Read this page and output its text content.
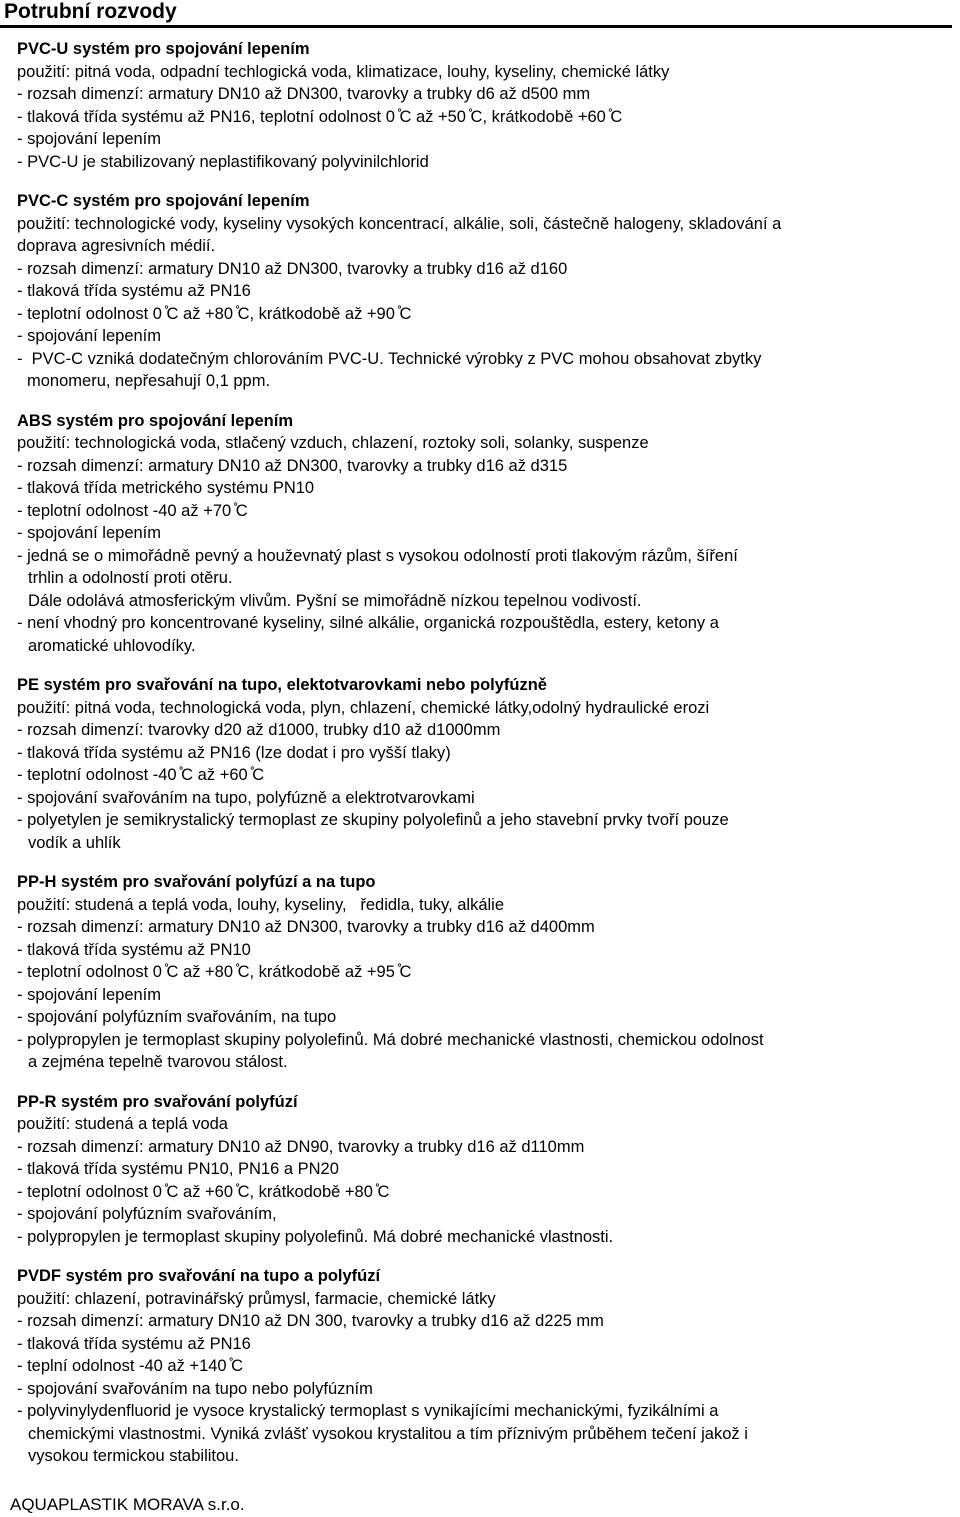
Potrubní rozvody

PVC-U systém pro spojování lepením

použití: pitná voda, odpadní techlogická voda, klimatizace, louhy, kyseliny, chemické látky

- rozsah dimenzí: armatury DN10 až DN300, tvarovky a trubky d6 až d500 mm

- tlaková třída systému až PN16, teplotní odolnost 0 ̊C až +50 ̊C, krátkodobě +60 ̊C

- spojování lepením

- PVC-U je stabilizovaný neplastifikovaný polyvinilchlorid

PVC-C systém pro spojování lepením

použití: technologické vody, kyseliny vysokých koncentrací, alkálie, soli, částečně halogeny, skladování a

doprava agresivních médií.

- rozsah dimenzí: armatury DN10 až DN300, tvarovky a trubky d16 až d160

- tlaková třída systému až PN16

- teplotní odolnost 0 ̊C až +80 ̊C, krátkodobě až +90 ̊C

- spojování lepením

-  PVC-C vzniká dodatečným chlorováním PVC-U. Technické výrobky z PVC mohou obsahovat zbytky

monomeru, nepřesahují 0,1 ppm.

ABS systém pro spojování lepením

použití: technologická voda, stlačený vzduch, chlazení, roztoky soli, solanky, suspenze

- rozsah dimenzí: armatury DN10 až DN300, tvarovky a trubky d16 až d315

- tlaková třída metrického systému PN10

- teplotní odolnost -40 až +70 ̊C

- spojování lepením

- jedná se o mimořádně pevný a houževnatý plast s vysokou odolností proti tlakovým rázům, šíření

trhlin a odolností proti otěru.

Dále odolává atmosferickým vlivům. Pyšní se mimořádně nízkou tepelnou vodivostí.

- není vhodný pro koncentrované kyseliny, silné alkálie, organická rozpouštědla, estery, ketony a

aromatické uhlovodíky.

PE systém pro svařování na tupo, elektotvarovkami nebo polyfúzně

použití: pitná voda, technologická voda, plyn, chlazení, chemické látky,odolný hydraulické erozi

- rozsah dimenzí: tvarovky d20 až d1000, trubky d10 až d1000mm

- tlaková třída systému až PN16 (lze dodat i pro vyšší tlaky)

- teplotní odolnost -40 ̊C až +60 ̊C

- spojování svařováním na tupo, polyfúzně a elektrotvarovkami

- polyetylen je semikrystalický termoplast ze skupiny polyolefinů a jeho stavební prvky tvoří pouze

vodík a uhlík

PP-H systém pro svařování polyfúzí a na tupo

použití: studená a teplá voda, louhy, kyseliny,   ředidla, tuky, alkálie

- rozsah dimenzí: armatury DN10 až DN300, tvarovky a trubky d16 až d400mm

- tlaková třída systému až PN10

- teplotní odolnost 0 ̊C až +80 ̊C, krátkodobě až +95 ̊C

- spojování lepením

- spojování polyfúzním svařováním, na tupo

- polypropylen je termoplast skupiny polyolefinů. Má dobré mechanické vlastnosti, chemickou odolnost

a zejména tepelně tvarovou stálost.

PP-R systém pro svařování polyfúzí

použití: studená a teplá voda

- rozsah dimenzí: armatury DN10 až DN90, tvarovky a trubky d16 až d110mm

- tlaková třída systému PN10, PN16 a PN20

- teplotní odolnost 0 ̊C až +60 ̊C, krátkodobě +80 ̊C

- spojování polyfúzním svařováním,

- polypropylen je termoplast skupiny polyolefinů. Má dobré mechanické vlastnosti.

PVDF systém pro svařování na tupo a polyfúzí

použití: chlazení, potravinářský průmysl, farmacie, chemické látky

- rozsah dimenzí: armatury DN10 až DN 300, tvarovky a trubky d16 až d225 mm

- tlaková třída systému až PN16

- teplní odolnost -40 až +140 ̊C

- spojování svařováním na tupo nebo polyfúzním

- polyvinylydenfluorid je vysoce krystalický termoplast s vynikajícími mechanickými, fyzikálními a

chemickými vlastnostmi. Vyniká zvlášť vysokou krystalitou a tím příznivým průběhem tečení jakož i

vysokou termickou stabilitou.

AQUAPLASTIK MORAVA s.r.o.
